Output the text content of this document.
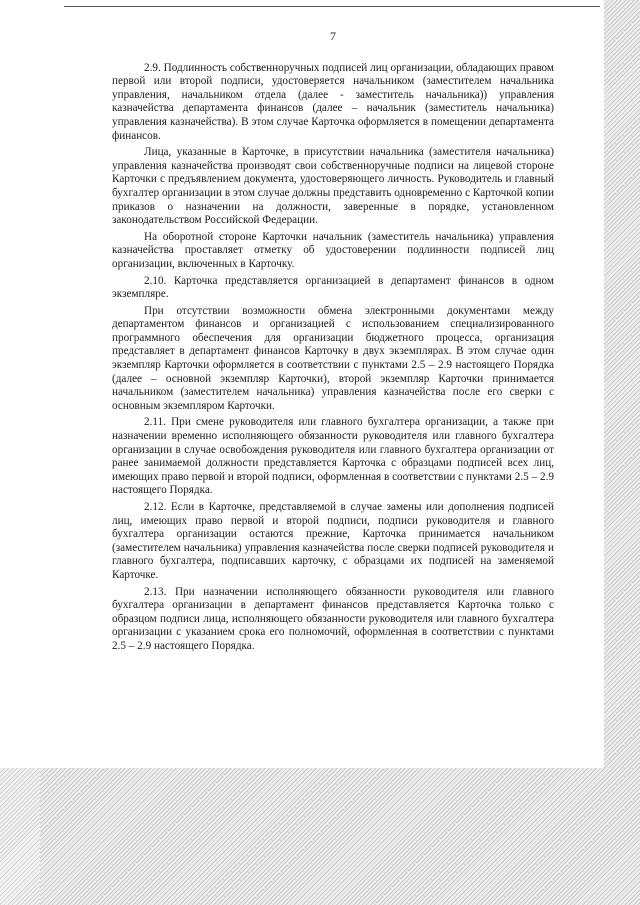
7

2.9. Подлинность собственноручных подписей лиц организации, обладающих правом первой или второй подписи, удостоверяется начальником (заместителем начальника управления, начальником отдела (далее - заместитель начальника)) управления казначейства департамента финансов (далее – начальник (заместитель начальника) управления казначейства). В этом случае Карточка оформляется в помещении департамента финансов.

Лица, указанные в Карточке, в присутствии начальника (заместителя начальника) управления казначейства производят свои собственноручные подписи на лицевой стороне Карточки с предъявлением документа, удостоверяющего личность. Руководитель и главный бухгалтер организации в этом случае должны представить одновременно с Карточкой копии приказов о назначении на должности, заверенные в порядке, установленном законодательством Российской Федерации.

На оборотной стороне Карточки начальник (заместитель начальника) управления казначейства проставляет отметку об удостоверении подлинности подписей лиц организации, включенных в Карточку.

2.10. Карточка представляется организацией в департамент финансов в одном экземпляре.

При отсутствии возможности обмена электронными документами между департаментом финансов и организацией с использованием специализированного программного обеспечения для организации бюджетного процесса, организация представляет в департамент финансов Карточку в двух экземплярах. В этом случае один экземпляр Карточки оформляется в соответствии с пунктами 2.5 – 2.9 настоящего Порядка (далее – основной экземпляр Карточки), второй экземпляр Карточки принимается начальником (заместителем начальника) управления казначейства после его сверки с основным экземпляром Карточки.

2.11. При смене руководителя или главного бухгалтера организации, а также при назначении временно исполняющего обязанности руководителя или главного бухгалтера организации в случае освобождения руководителя или главного бухгалтера организации от ранее занимаемой должности представляется Карточка с образцами подписей всех лиц, имеющих право первой и второй подписи, оформленная в соответствии с пунктами 2.5 – 2.9 настоящего Порядка.

2.12. Если в Карточке, представляемой в случае замены или дополнения подписей лиц, имеющих право первой и второй подписи, подписи руководителя и главного бухгалтера организации остаются прежние, Карточка принимается начальником (заместителем начальника) управления казначейства после сверки подписей руководителя и главного бухгалтера, подписавших карточку, с образцами их подписей на заменяемой Карточке.

2.13. При назначении исполняющего обязанности руководителя или главного бухгалтера организации в департамент финансов представляется Карточка только с образцом подписи лица, исполняющего обязанности руководителя или главного бухгалтера организации с указанием срока его полномочий, оформленная в соответствии с пунктами 2.5 – 2.9 настоящего Порядка.
